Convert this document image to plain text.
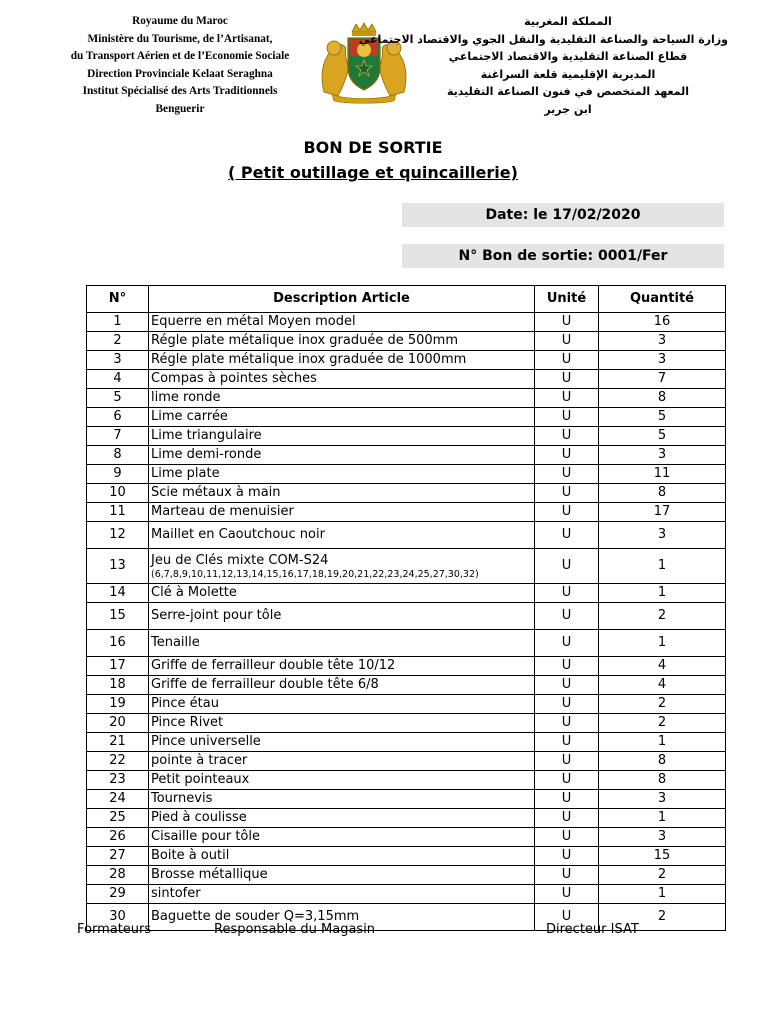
Royaume du Maroc
Ministère du Tourisme, de l’Artisanat,
du Transport Aérien et de l’Economie Sociale
Direction Provinciale Kelaat Seraghna
Institut Spécialisé des Arts Traditionnels
Benguerir
المملكة المغربية
وزارة السياحة والصناعة التقليدية والنقل الجوي والاقتصاد الاجتماعي
قطاع الصناعة التقليدية والاقتصاد الاجتماعي
المديرية الإقليمية قلعة السراغنة
المعهد المتخصص في فنون الصناعة التقليدية
ابن جرير
BON DE SORTIE
( Petit outillage et quincaillerie)
Date: le 17/02/2020
N° Bon de sortie: 0001/Fer
N°	Description Article	Unité	Quantité
1	Equerre en métal Moyen model	U	16
2	Régle plate métalique inox graduée de 500mm	U	3
3	Régle plate métalique inox graduée de 1000mm	U	3
4	Compas à pointes sèches	U	7
5	lime ronde	U	8
6	Lime carrée	U	5
7	Lime triangulaire	U	5
8	Lime demi-ronde	U	3
9	Lime plate	U	11
10	Scie métaux à main	U	8
11	Marteau de menuisier	U	17
12	Maillet en Caoutchouc noir	U	3
13	Jeu de Clés mixte COM-S24
(6,7,8,9,10,11,12,13,14,15,16,17,18,19,20,21,22,23,24,25,27,30,32)	U	1
14	Clé à Molette	U	1
15	Serre-joint pour tôle	U	2
16	Tenaille	U	1
17	Griffe de ferrailleur double tête 10/12	U	4
18	Griffe de ferrailleur double tête 6/8	U	4
19	Pince étau	U	2
20	Pince Rivet	U	2
21	Pince universelle	U	1
22	pointe à tracer	U	8
23	Petit pointeaux	U	8
24	Tournevis	U	3
25	Pied à coulisse	U	1
26	Cisaille pour tôle	U	3
27	Boite à outil	U	15
28	Brosse métallique	U	2
29	sintofer	U	1
30	Baguette de souder Q=3,15mm	U	2
Formateurs	Responsable du Magasin	Directeur ISAT
